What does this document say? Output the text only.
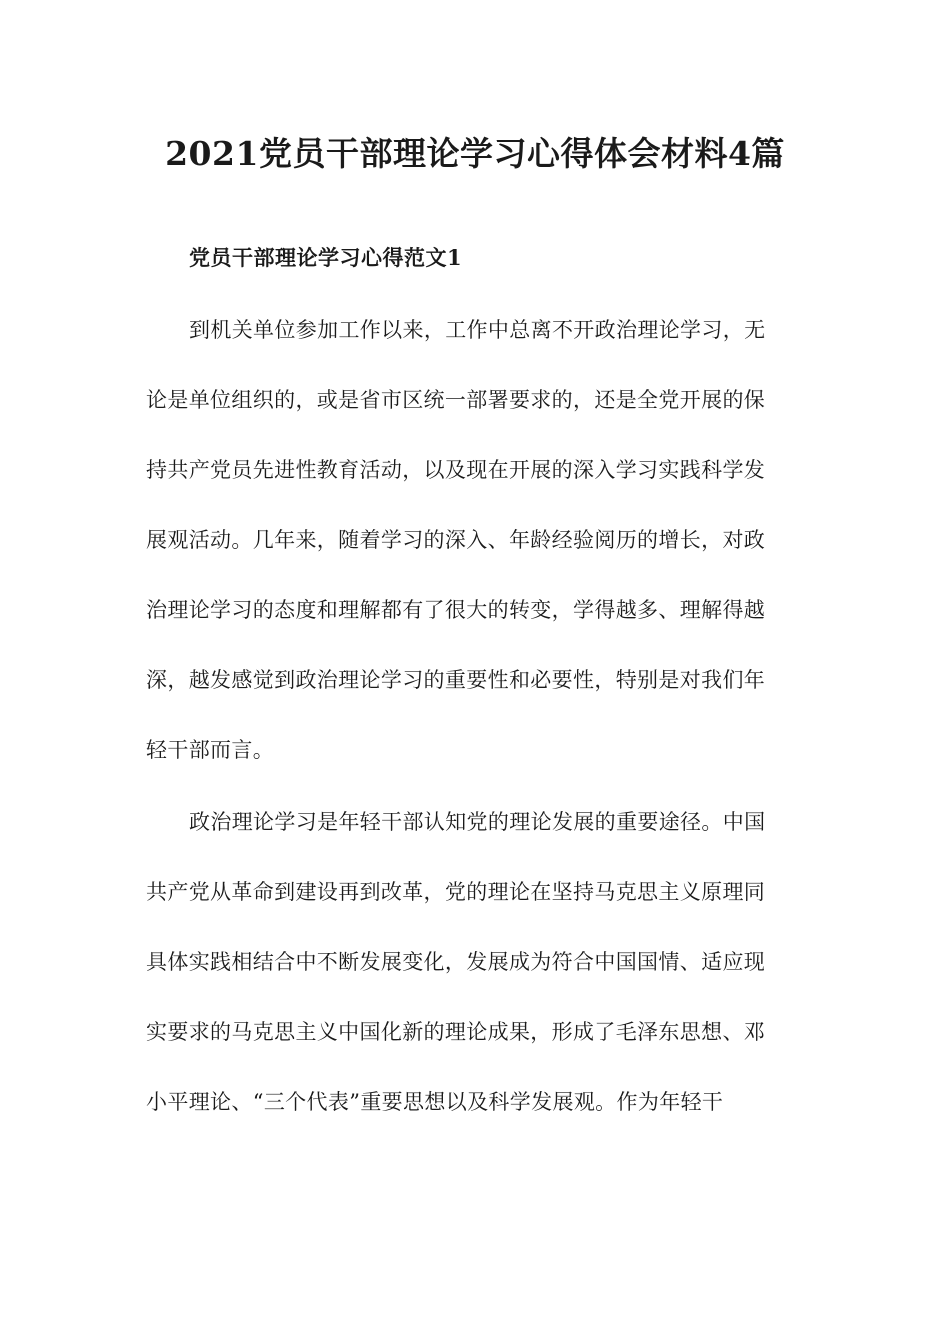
2021党员干部理论学习心得体会材料4篇
党员干部理论学习心得范文1
到机关单位参加工作以来，工作中总离不开政治理论学习，无
论是单位组织的，或是省市区统一部署要求的，还是全党开展的保
持共产党员先进性教育活动，以及现在开展的深入学习实践科学发
展观活动。几年来，随着学习的深入、年龄经验阅历的增长，对政
治理论学习的态度和理解都有了很大的转变，学得越多、理解得越
深，越发感觉到政治理论学习的重要性和必要性，特别是对我们年
轻干部而言。
政治理论学习是年轻干部认知党的理论发展的重要途径。中国
共产党从革命到建设再到改革，党的理论在坚持马克思主义原理同
具体实践相结合中不断发展变化，发展成为符合中国国情、适应现
实要求的马克思主义中国化新的理论成果，形成了毛泽东思想、邓
小平理论、“三个代表”重要思想以及科学发展观。作为年轻干
